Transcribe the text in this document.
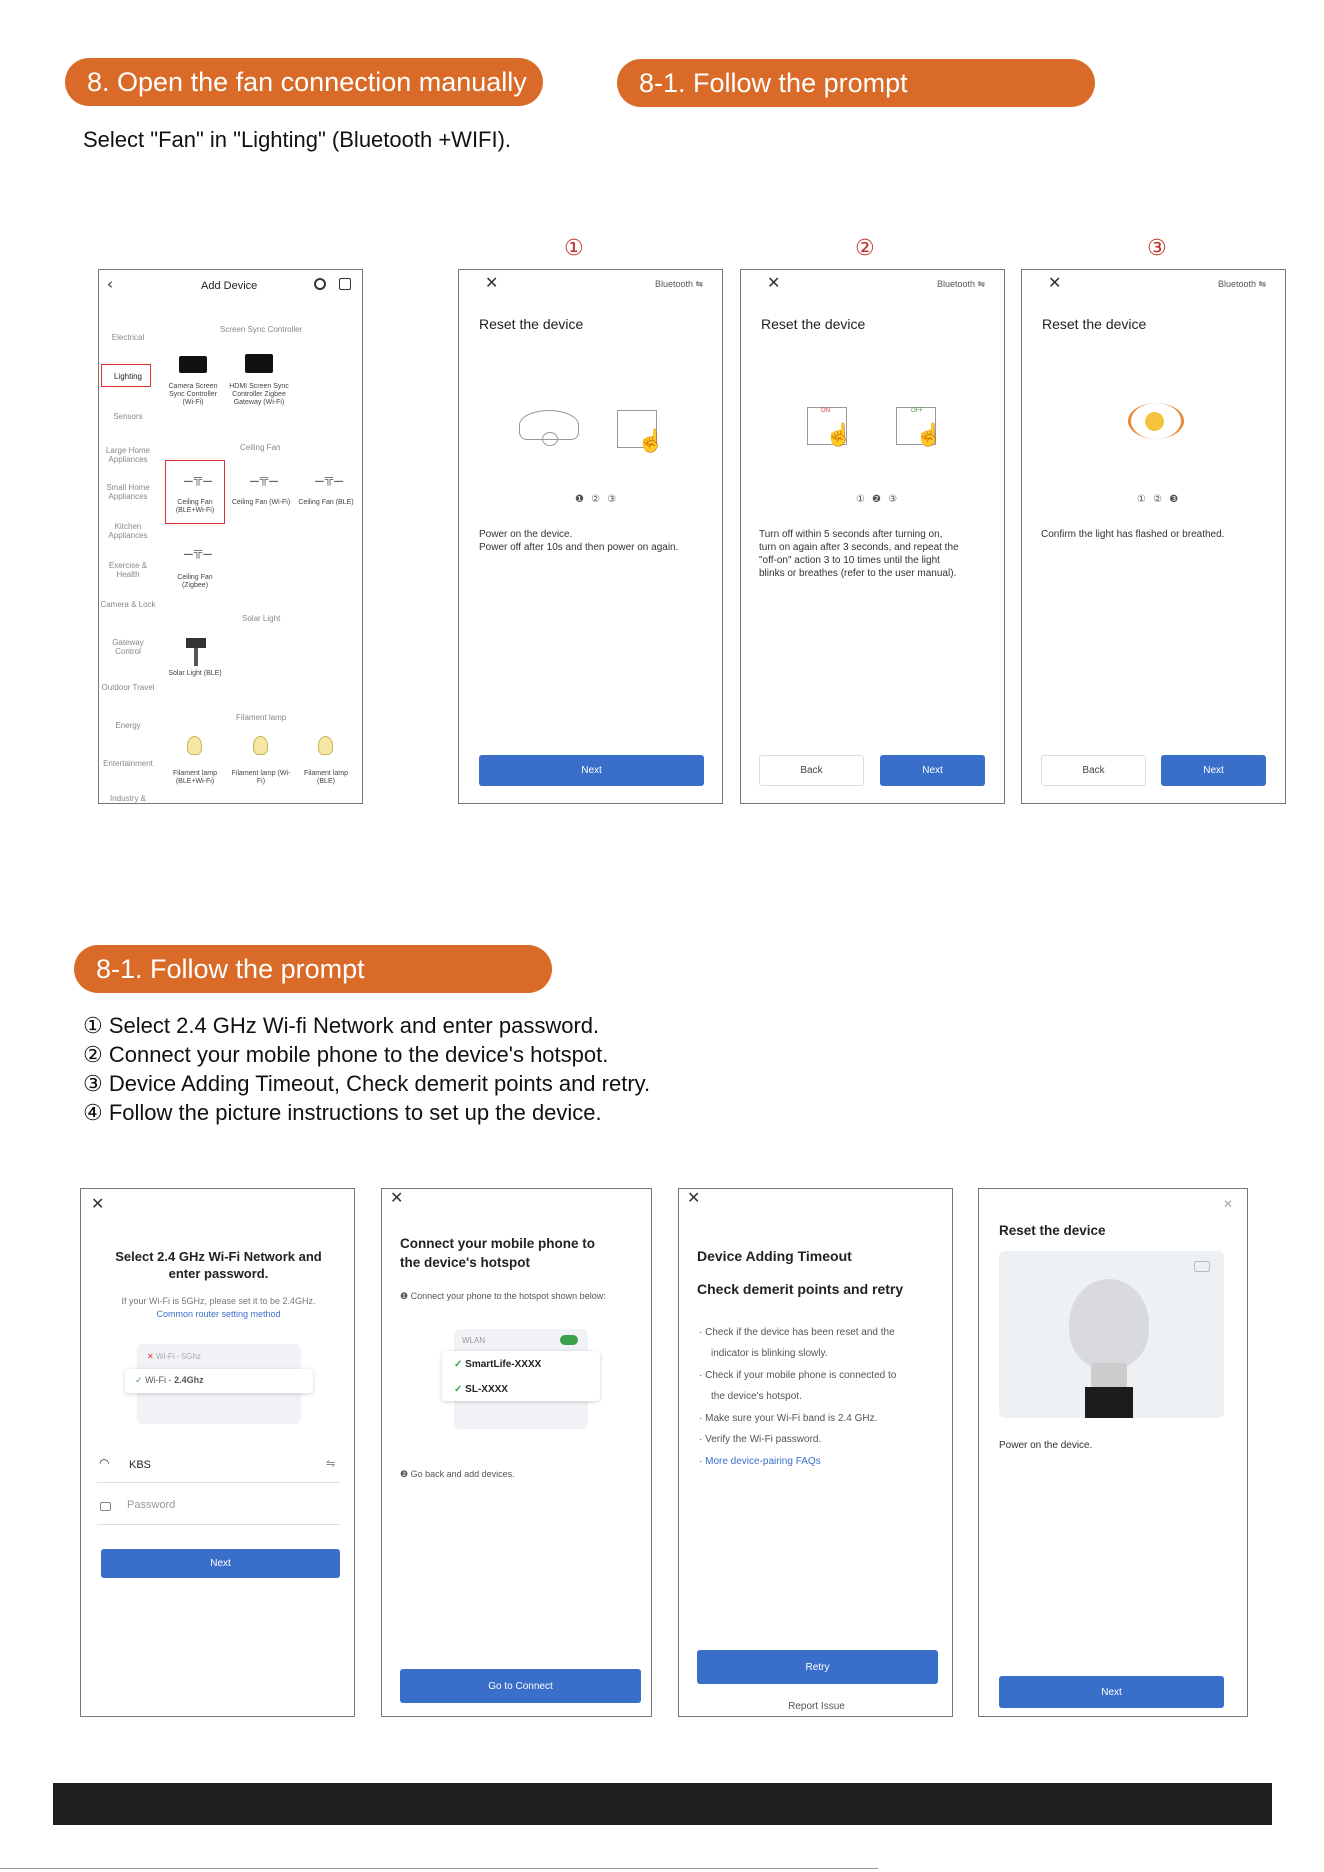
8. Open the fan connection manually	8-1. Follow the prompt
Select "Fan" in "Lighting" (Bluetooth +WIFI).
①	②	③
‹	Add Device
Electrical
Lighting
Sensors
Large Home Appliances
Small Home Appliances
Kitchen Appliances
Exercise & Health
Camera & Lock
Gateway Control
Outdoor Travel
Energy
Entertainment
Industry &
Screen Sync Controller
Camera Screen Sync Controller (Wi-Fi)
HDMI Screen Sync Controller Zigbee Gateway (Wi-Fi)
Ceiling Fan
⚊╦⚊	⚊╦⚊	⚊╦⚊
Ceiling Fan (BLE+Wi-Fi)
Ceiling Fan (Wi-Fi)	Ceiling Fan (BLE)
⚊╦⚊
Ceiling Fan (Zigbee)
Solar Light
Solar Light (BLE)
Filament lamp
Filament lamp (BLE+Wi-Fi)
Filament lamp (Wi-Fi)
Filament lamp (BLE)
✕	Bluetooth ⇋
Reset the device
☝
❶ ② ③
Power on the device.
Power off after 10s and then power on again.
Next
✕	Bluetooth ⇋
Reset the device
ON
☝
OFF
☝
① ❷ ③
Turn off within 5 seconds after turning on,
turn on again after 3 seconds, and repeat the
"off-on" action 3 to 10 times until the light
blinks or breathes (refer to the user manual).
Back	Next
✕	Bluetooth ⇋
Reset the device
① ② ❸
Confirm the light has flashed or breathed.
Back	Next
8-1. Follow the prompt
① Select 2.4 GHz Wi-fi Network and enter password.
② Connect your mobile phone to the device's hotspot.
③ Device Adding Timeout, Check demerit points and retry.
④ Follow the picture instructions to set up the device.
✕
Select 2.4 GHz Wi-Fi Network and
enter password.
If your Wi-Fi is 5GHz, please set it to be 2.4GHz.
Common router setting method
✕ Wi-Fi - 5Ghz
✓ Wi-Fi - 2.4Ghz
◠ KBS	⇋
Password
Next
✕
Connect your mobile phone to
the device's hotspot
❶ Connect your phone to the hotspot shown below:
WLAN
✓ SmartLife-XXXX
✓ SL-XXXX
❷ Go back and add devices.
Go to Connect
✕
Device Adding Timeout
Check demerit points and retry
· Check if the device has been reset and the
indicator is blinking slowly.
· Check if your mobile phone is connected to
the device's hotspot.
· Make sure your Wi-Fi band is 2.4 GHz.
· Verify the Wi-Fi password.
· More device-pairing FAQs
Retry
Report Issue
✕
Reset the device
Power on the device.
Next
